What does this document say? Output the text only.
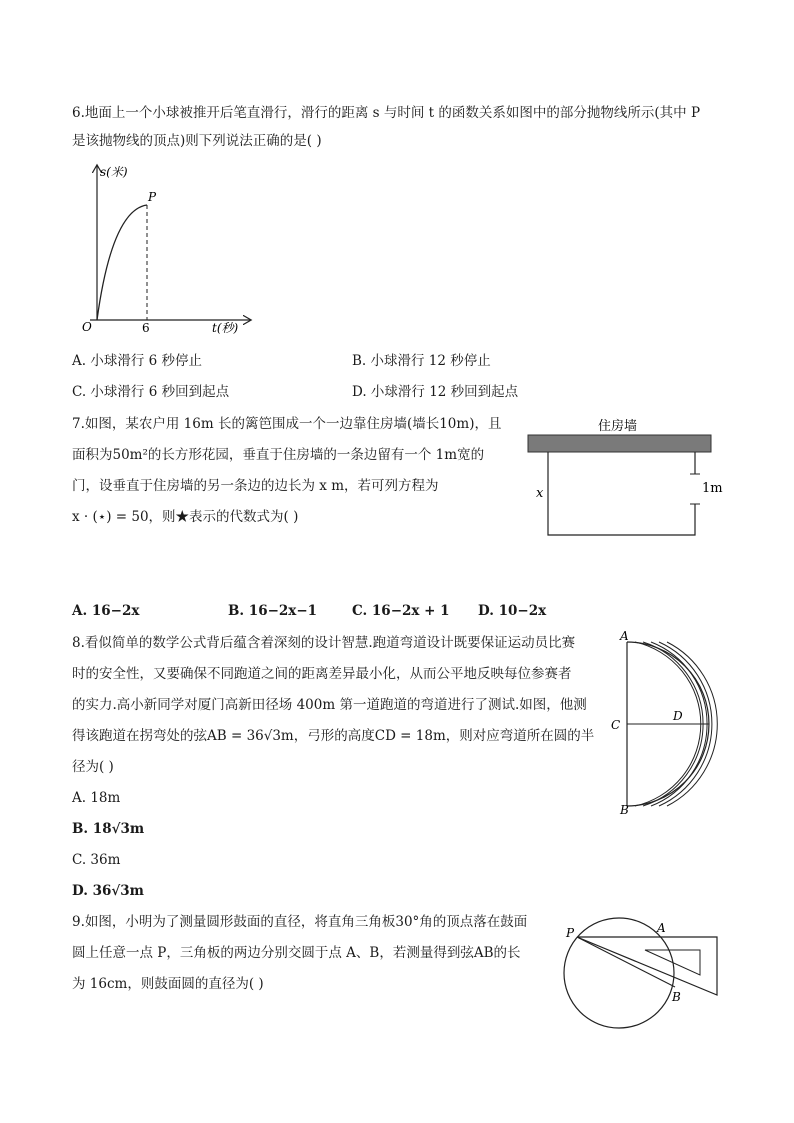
6.地面上一个小球被推开后笔直滑行，滑行的距离 s 与时间 t 的函数关系如图中的部分抛物线所示(其中 P
是该抛物线的顶点)则下列说法正确的是( )
s(米)
t(秒)
O
P
6
A. 小球滑行 6 秒停止	B. 小球滑行 12 秒停止
C. 小球滑行 6 秒回到起点	D. 小球滑行 12 秒回到起点
7.如图，某农户用 16m 长的篱笆围成一个一边靠住房墙(墙长10m)，且
面积为50m²的长方形花园，垂直于住房墙的一条边留有一个 1m宽的
门，设垂直于住房墙的另一条边的边长为 x m，若可列方程为
x · (⋆) = 50，则★表示的代数式为( )
住房墙
1m
x
A. 16−2x	B. 16−2x−1	C. 16−2x + 1 D. 10−2x
8.看似简单的数学公式背后蕴含着深刻的设计智慧.跑道弯道设计既要保证运动员比赛
时的安全性，又要确保不同跑道之间的距离差异最小化，从而公平地反映每位参赛者
的实力.高小新同学对厦门高新田径场 400m 第一道跑道的弯道进行了测试.如图，他测
得该跑道在拐弯处的弦AB = 36√3m，弓形的高度CD = 18m，则对应弯道所在圆的半
径为( )
A
B
C
D
A. 18m
B. 18√3m
C. 36m
D. 36√3m
9.如图，小明为了测量圆形鼓面的直径，将直角三角板30°角的顶点落在鼓面
圆上任意一点 P，三角板的两边分别交圆于点 A、B，若测量得到弦AB的长
为 16cm，则鼓面圆的直径为( )
P	A
B
